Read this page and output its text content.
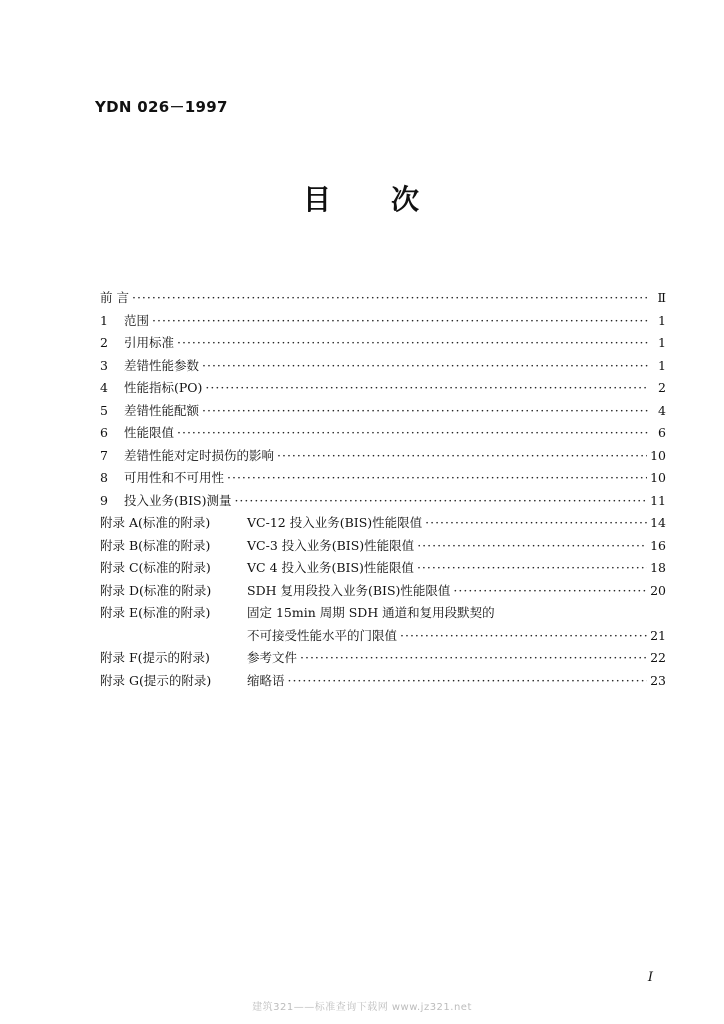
YDN 026－1997
目 次
前 言 ·····	Ⅱ
1	范围 ·····	1
2	引用标准 ·····	1
3	差错性能参数 ·····	1
4	性能指标(PO) ·····	2
5	差错性能配额 ·····	4
6	性能限值 ·····	6
7	差错性能对定时损伤的影响 ·····	10
8	可用性和不可用性 ·····	10
9	投入业务(BIS)测量 ·····	11
附录 A(标准的附录)	VC-12 投入业务(BIS)性能限值 ·····	14
附录 B(标准的附录)	VC-3 投入业务(BIS)性能限值 ·····	16
附录 C(标准的附录)	VC 4 投入业务(BIS)性能限值 ·····	18
附录 D(标准的附录)	SDH 复用段投入业务(BIS)性能限值 ·····	20
附录 E(标准的附录)	固定 15min 周期 SDH 通道和复用段默契的
不可接受性能水平的门限值 ·····	21
附录 F(提示的附录)	参考文件 ·····	22
附录 G(提示的附录)	缩略语 ·····	23
I
建筑321——标准查询下载网 www.jz321.net
